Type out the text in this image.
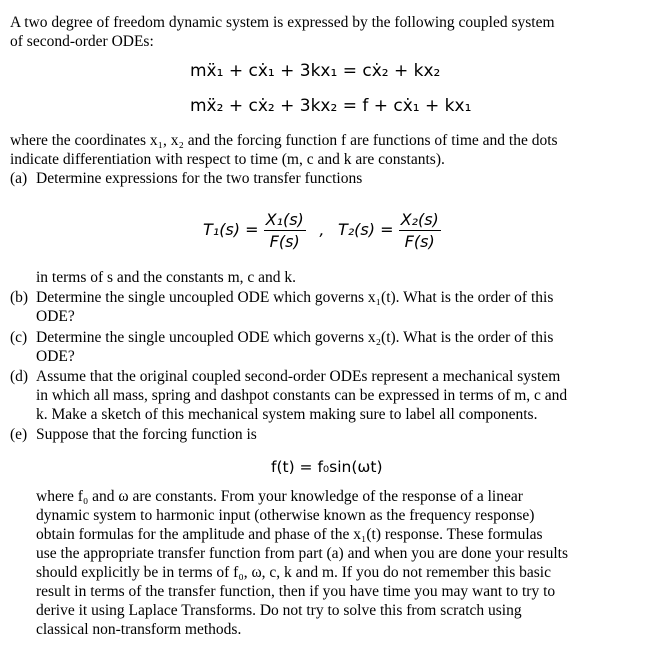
A two degree of freedom dynamic system is expressed by the following coupled system
of second-order ODEs:
mẍ₁ + cẋ₁ + 3kx₁ = cẋ₂ + kx₂
mẍ₂ + cẋ₂ + 3kx₂ = f + cẋ₁ + kx₁
where the coordinates x₁, x₂ and the forcing function f are functions of time and the dots
indicate differentiation with respect to time (m, c and k are constants).
(a) Determine expressions for the two transfer functions
$T_1(s) = \frac{\text{X₁(s)}}{F(s)}$ , $T_2(s) = \frac{\text{X₂(s)}}{F(s)}$
in terms of s and the constants m, c and k.
(b) Determine the single uncoupled ODE which governs x₁(t). What is the order of this
ODE?
(c) Determine the single uncoupled ODE which governs x₂(t). What is the order of this
ODE?
(d) Assume that the original coupled second-order ODEs represent a mechanical system
in which all mass, spring and dashpot constants can be expressed in terms of m, c and
k. Make a sketch of this mechanical system making sure to label all components.
(e) Suppose that the forcing function is
f(t) = f₀sin(ωt)
where f₀ and ω are constants. From your knowledge of the response of a linear
dynamic system to harmonic input (otherwise known as the frequency response)
obtain formulas for the amplitude and phase of the x₁(t) response. These formulas
use the appropriate transfer function from part (a) and when you are done your results
should explicitly be in terms of f₀, ω, c, k and m. If you do not remember this basic
result in terms of the transfer function, then if you have time you may want to try to
derive it using Laplace Transforms. Do not try to solve this from scratch using
classical non-transform methods.
